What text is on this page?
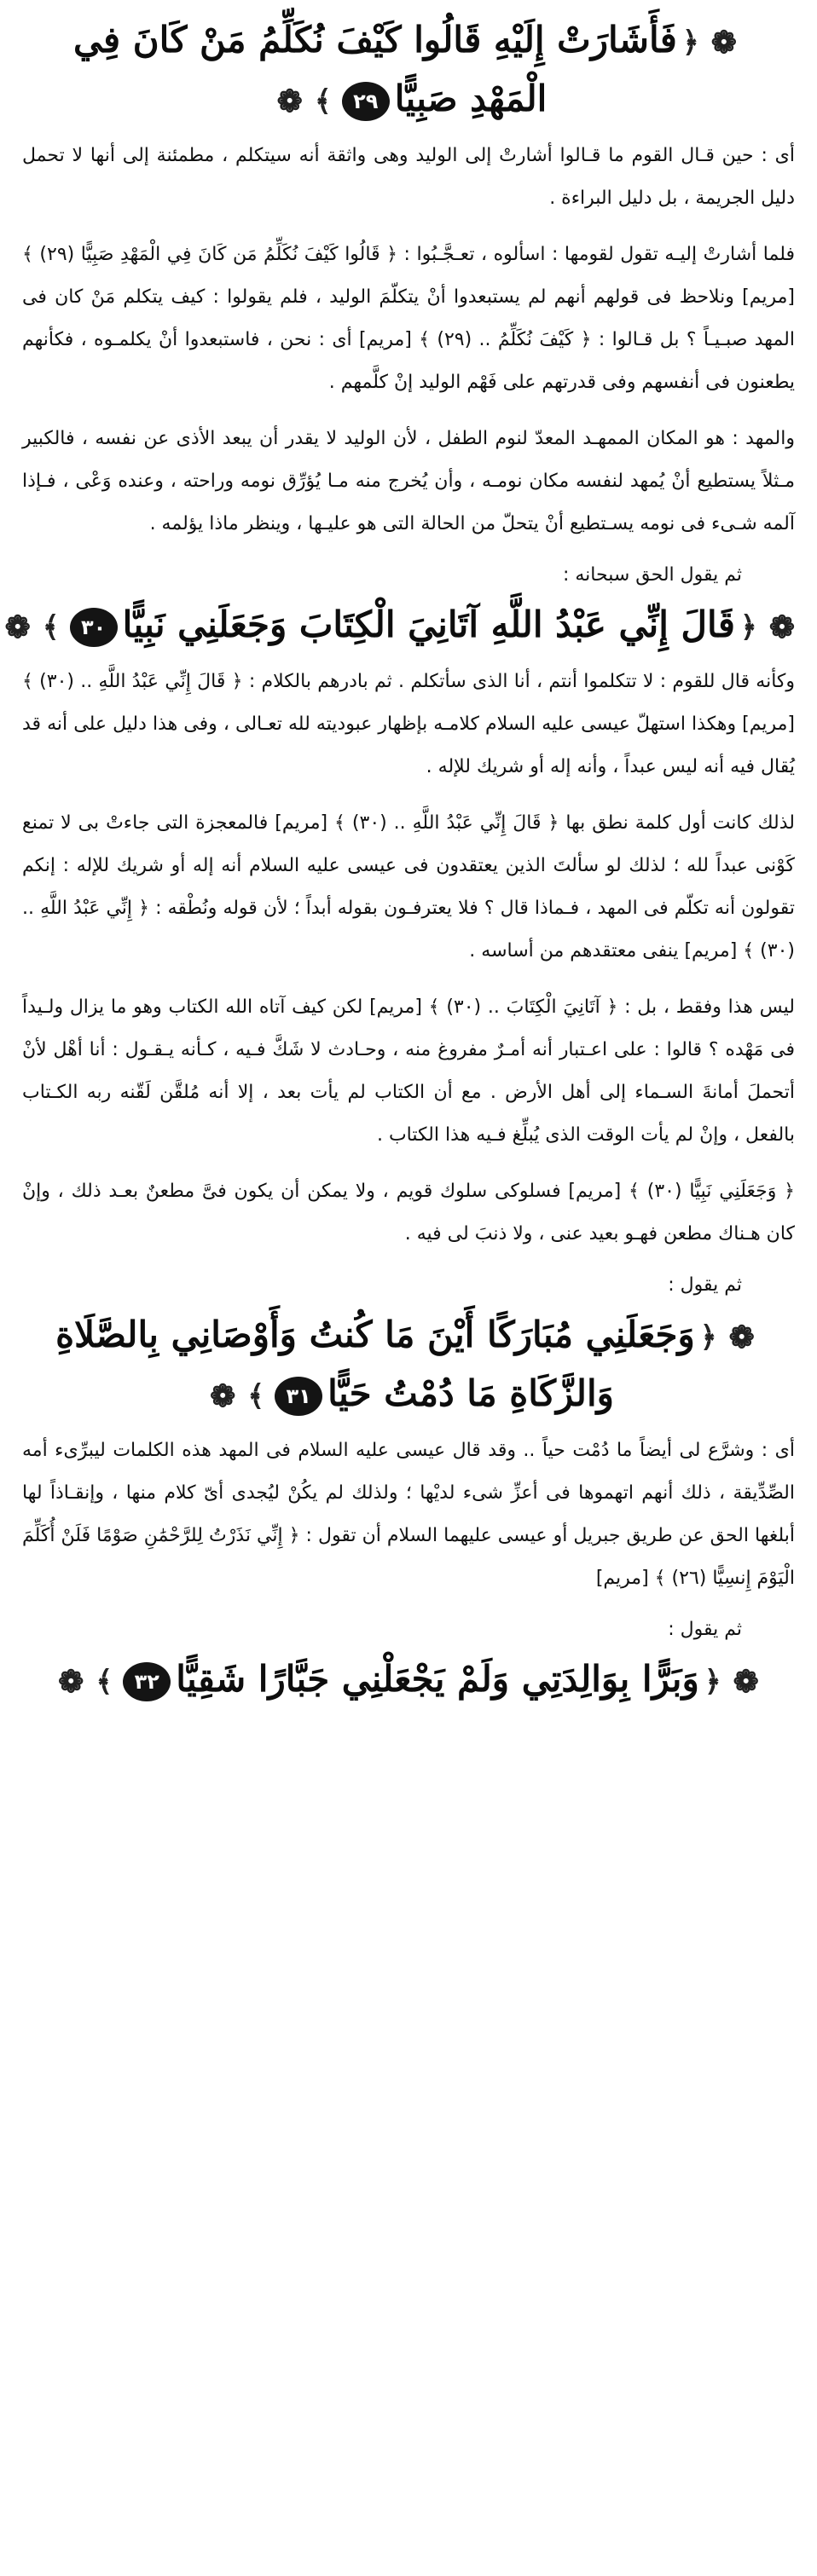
❁﴿فَأَشَارَتْ إِلَيْهِ قَالُوا كَيْفَ نُكَلِّمُ مَنْ كَانَ فِي
الْمَهْدِ صَبِيًّا٢٩﴾❁

أى : حين قـال القوم ما قـالوا أشارتْ إلى الوليد وهى واثقة أنه سيتكلم ، مطمئنة إلى أنها لا تحمل دليل الجريمة ، بل دليل البراءة .

فلما أشارتْ إليـه تقول لقومها : اسألوه ، تعـجَّـبُوا : ﴿ قَالُوا كَيْفَ نُكَلِّمُ مَن كَانَ فِي الْمَهْدِ صَبِيًّا (٢٩) ﴾ [مريم] ونلاحظ فى قولهم أنهم لم يستبعدوا أنْ يتكلّمَ الوليد ، فلم يقولوا : كيف يتكلم مَنْ كان فى المهد صبـيـاً ؟ بل قـالوا : ﴿ كَيْفَ نُكَلِّمُ .. (٢٩) ﴾ [مريم] أى : نحن ، فاستبعدوا أنْ يكلمـوه ، فكأنهم يطعنون فى أنفسهم وفى قدرتهم على فَهْم الوليد إنْ كلَّمهم .

والمهد : هو المكان الممهـد المعدّ لنوم الطفل ، لأن الوليد لا يقدر أن يبعد الأذى عن نفسه ، فالكبير مـثلاً يستطيع أنْ يُمهد لنفسه مكان نومـه ، وأن يُخرج منه مـا يُؤرِّق نومه وراحته ، وعنده وَعْى ، فـإذا آلمه شـىء فى نومه يسـتطيع أنْ يتحلّ من الحالة التى هو عليـها ، وينظر ماذا يؤلمه .

ثم يقول الحق سبحانه :

❁﴿قَالَ إِنِّي عَبْدُ اللَّهِ آتَانِيَ الْكِتَابَ وَجَعَلَنِي نَبِيًّا٣٠﴾❁

وكأنه قال للقوم : لا تتكلموا أنتم ، أنا الذى سأتكلم . ثم بادرهم بالكلام : ﴿ قَالَ إِنِّي عَبْدُ اللَّهِ .. (٣٠) ﴾ [مريم] وهكذا استهلّ عيسى عليه السلام كلامـه بإظهار عبوديته لله تعـالى ، وفى هذا دليل على أنه قد يُقال فيه أنه ليس عبداً ، وأنه إله أو شريك للإله .

لذلك كانت أول كلمة نطق بها ﴿ قَالَ إِنِّي عَبْدُ اللَّهِ .. (٣٠) ﴾ [مريم] فالمعجزة التى جاءتْ بى لا تمنع كَوْنى عبداً لله ؛ لذلك لو سألتَ الذين يعتقدون فى عيسى عليه السلام أنه إله أو شريك للإله : إنكم تقولون أنه تكلّم فى المهد ، فـماذا قال ؟ فلا يعترفـون بقوله أبداً ؛ لأن قوله ونُطْقه : ﴿ إِنِّي عَبْدُ اللَّهِ .. (٣٠) ﴾ [مريم] ينفى معتقدهم من أساسه .

ليس هذا وفقط ، بل : ﴿ آتَانِيَ الْكِتَابَ .. (٣٠) ﴾ [مريم] لكن كيف آتاه الله الكتاب وهو ما يزال ولـيداً فى مَهْده ؟ قالوا : على اعـتبار أنه أمـرٌ مفروغ منه ، وحـادث لا شَكَّ فـيه ، كـأنه يـقـول : أنا أهْل لأنْ أتحملَ أمانةَ السـماء إلى أهل الأرض . مع أن الكتاب لم يأت بعد ، إلا أنه مُلقَّن لَقّنه ربه الكـتاب بالفعل ، وإنْ لم يأت الوقت الذى يُبلِّغ فـيه هذا الكتاب .

﴿ وَجَعَلَنِي نَبِيًّا (٣٠) ﴾ [مريم] فسلوكى سلوك قويم ، ولا يمكن أن يكون فىَّ مطعنٌ بعـد ذلك ، وإنْ كان هـناك مطعن فهـو بعيد عنى ، ولا ذنبَ لى فيه .

ثم يقول :

❁﴿وَجَعَلَنِي مُبَارَكًا أَيْنَ مَا كُنتُ وَأَوْصَانِي بِالصَّلَاةِ
وَالزَّكَاةِ مَا دُمْتُ حَيًّا٣١﴾❁

أى : وشرَّع لى أيضاً ما دُمْت حياً .. وقد قال عيسى عليه السلام فى المهد هذه الكلمات ليبرِّىء أمه الصِّدِّيقة ، ذلك أنهم اتهموها فى أعزِّ شىء لديْها ؛ ولذلك لم يكُنْ ليُجدى أىّ كلام منها ، وإنقـاذاً لها أبلغها الحق عن طريق جبريل أو عيسى عليهما السلام أن تقول : ﴿ إِنِّي نَذَرْتُ لِلرَّحْمَٰنِ صَوْمًا فَلَنْ أُكَلِّمَ الْيَوْمَ إِنسِيًّا (٢٦) ﴾ [مريم]

ثم يقول :

❁﴿وَبَرًّا بِوَالِدَتِي وَلَمْ يَجْعَلْنِي جَبَّارًا شَقِيًّا٣٢﴾❁
